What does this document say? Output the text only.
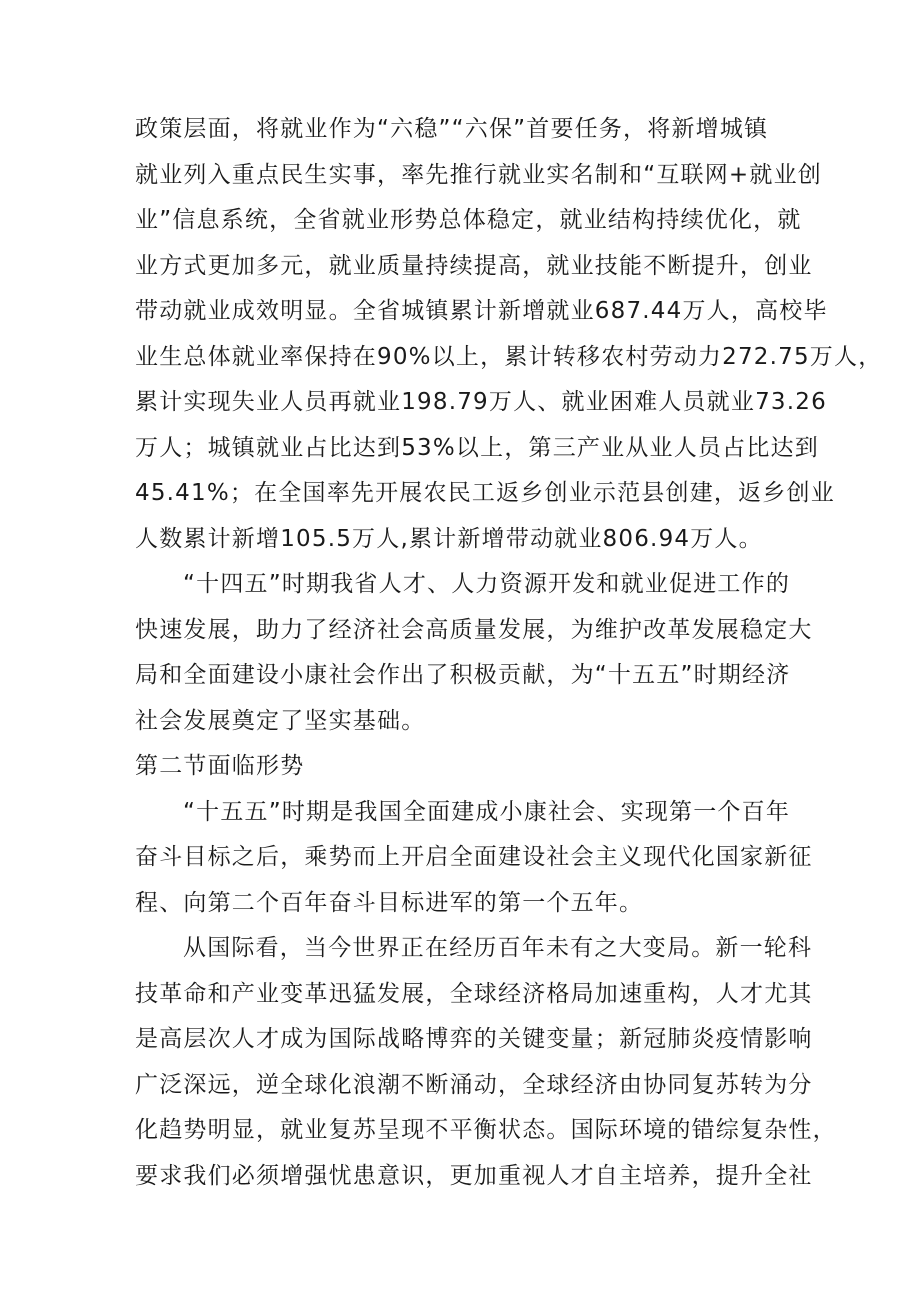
政策层面，将就业作为“六稳”“六保”首要任务，将新增城镇
就业列入重点民生实事，率先推行就业实名制和“互联网+就业创
业”信息系统，全省就业形势总体稳定，就业结构持续优化，就
业方式更加多元，就业质量持续提高，就业技能不断提升，创业
带动就业成效明显。全省城镇累计新增就业687.44万人，高校毕
业生总体就业率保持在90%以上，累计转移农村劳动力272.75万人，
累计实现失业人员再就业198.79万人、就业困难人员就业73.26
万人；城镇就业占比达到53%以上，第三产业从业人员占比达到
45.41%；在全国率先开展农民工返乡创业示范县创建，返乡创业
人数累计新增105.5万人,累计新增带动就业806.94万人。
“十四五”时期我省人才、人力资源开发和就业促进工作的
快速发展，助力了经济社会高质量发展，为维护改革发展稳定大
局和全面建设小康社会作出了积极贡献，为“十五五”时期经济
社会发展奠定了坚实基础。
第二节面临形势
“十五五”时期是我国全面建成小康社会、实现第一个百年
奋斗目标之后，乘势而上开启全面建设社会主义现代化国家新征
程、向第二个百年奋斗目标进军的第一个五年。
从国际看，当今世界正在经历百年未有之大变局。新一轮科
技革命和产业变革迅猛发展，全球经济格局加速重构，人才尤其
是高层次人才成为国际战略博弈的关键变量；新冠肺炎疫情影响
广泛深远，逆全球化浪潮不断涌动，全球经济由协同复苏转为分
化趋势明显，就业复苏呈现不平衡状态。国际环境的错综复杂性，
要求我们必须增强忧患意识，更加重视人才自主培养，提升全社
